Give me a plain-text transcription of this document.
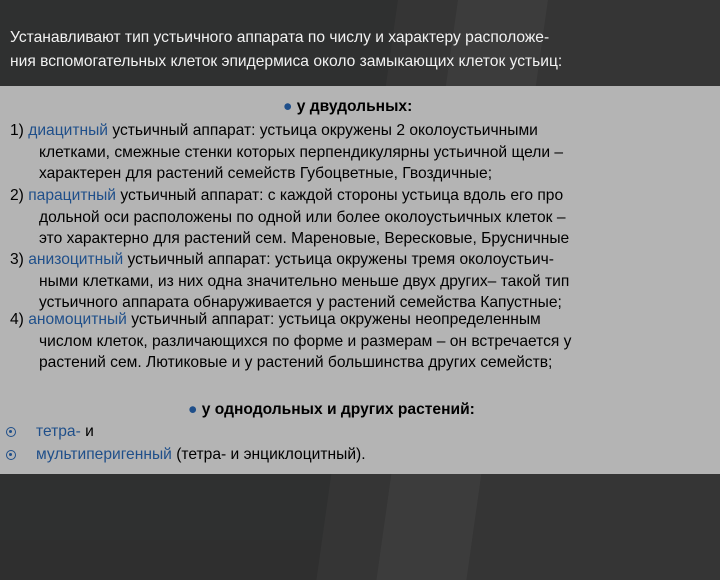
Устанавливают тип устьичного аппарата по числу и характеру расположе-
ния вспомогательных клеток эпидермиса около замыкающих клеток устьиц:
● у двудольных:
1) диацитный устьичный аппарат: устьица окружены 2 околоустьичными
клетками, смежные стенки которых перпендикулярны устьичной щели –
характерен для растений семейств Губоцветные, Гвоздичные;
2) парацитный устьичный аппарат: с каждой стороны устьица вдоль его про
дольной оси расположены по одной или более околоустьичных клеток –
это характерно для растений сем. Мареновые, Вересковые, Брусничные
3) анизоцитный устьичный аппарат: устьица окружены тремя околоустьич-
ными клетками, из них одна значительно меньше двух других– такой тип
устьичного аппарата обнаруживается у растений семейства Капустные;
4) аномоцитный устьичный аппарат: устьица окружены неопределенным
числом клеток, различающихся по форме и размерам – он встречается у
растений сем. Лютиковые и у растений большинства других семейств;
● у однодольных и других растений:
тетра- и
мультиперигенный (тетра- и энциклоцитный).
